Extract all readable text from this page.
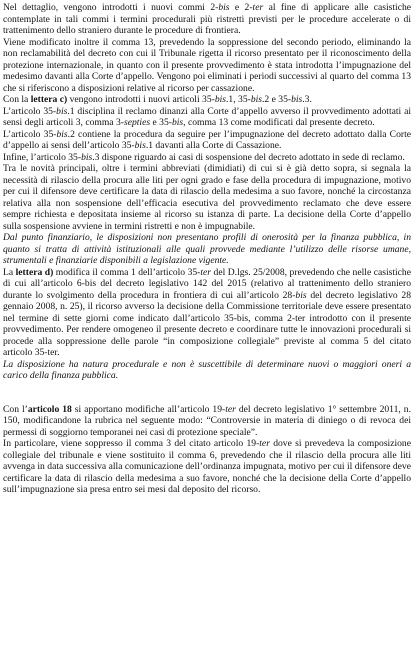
Nel dettaglio, vengono introdotti i nuovi commi 2-bis e 2-ter al fine di applicare alle casistiche contemplate in tali commi i termini procedurali più ristretti previsti per le procedure accelerate o di trattenimento dello straniero durante le procedure di frontiera.

Viene modificato inoltre il comma 13, prevedendo la soppressione del secondo periodo, eliminando la non reclamabilità del decreto con cui il Tribunale rigetta il ricorso presentato per il riconoscimento della protezione internazionale, in quanto con il presente provvedimento è stata introdotta l’impugnazione del medesimo davanti alla Corte d’appello. Vengono poi eliminati i periodi successivi al quarto del comma 13 che si riferiscono a disposizioni relative al ricorso per cassazione.

Con la lettera c) vengono introdotti i nuovi articoli 35-bis.1, 35-bis.2 e 35-bis.3.

L’articolo 35-bis.1 disciplina il reclamo dinanzi alla Corte d’appello avverso il provvedimento adottati ai sensi degli articoli 3, comma 3-septies e 35-bis, comma 13 come modificati dal presente decreto.

L’articolo 35-bis.2 contiene la procedura da seguire per l’impugnazione del decreto adottato dalla Corte d’appello ai sensi dell’articolo 35-bis.1 davanti alla Corte di Cassazione.

Infine, l’articolo 35-bis.3 dispone riguardo ai casi di sospensione del decreto adottato in sede di reclamo.

Tra le novità principali, oltre i termini abbreviati (dimidiati) di cui si è già detto sopra, si segnala la necessità di rilascio della procura alle liti per ogni grado e fase della procedura di impugnazione, motivo per cui il difensore deve certificare la data di rilascio della medesima a suo favore, nonché la circostanza relativa alla non sospensione dell’efficacia esecutiva del provvedimento reclamato che deve essere sempre richiesta e depositata insieme al ricorso su istanza di parte. La decisione della Corte d’appello sulla sospensione avviene in termini ristretti e non è impugnabile.

Dal punto finanziario, le disposizioni non presentano profili di onerosità per la finanza pubblica, in quanto si tratta di attività istituzionali alle quali provvede mediante l’utilizzo delle risorse umane, strumentali e finanziarie disponibili a legislazione vigente.

La lettera d) modifica il comma 1 dell’articolo 35-ter del D.lgs. 25/2008, prevedendo che nelle casistiche di cui all’articolo 6-bis del decreto legislativo 142 del 2015 (relativo al trattenimento dello straniero durante lo svolgimento della procedura in frontiera di cui all’articolo 28-bis del decreto legislativo 28 gennaio 2008, n. 25), il ricorso avverso la decisione della Commissione territoriale deve essere presentato nel termine di sette giorni come indicato dall’articolo 35-bis, comma 2-ter introdotto con il presente provvedimento. Per rendere omogeneo il presente decreto e coordinare tutte le innovazioni procedurali si procede alla soppressione delle parole “in composizione collegiale” previste al comma 5 del citato articolo 35-ter.

La disposizione ha natura procedurale e non è suscettibile di determinare nuovi o maggiori oneri a carico della finanza pubblica.

Con l’articolo 18 si apportano modifiche all’articolo 19-ter del decreto legislativo 1° settembre 2011, n. 150, modificandone la rubrica nel seguente modo: “Controversie in materia di diniego o di revoca dei permessi di soggiorno temporanei nei casi di protezione speciale”.

In particolare, viene soppresso il comma 3 del citato articolo 19-ter dove si prevedeva la composizione collegiale del tribunale e viene sostituito il comma 6, prevedendo che il rilascio della procura alle liti avvenga in data successiva alla comunicazione dell’ordinanza impugnata, motivo per cui il difensore deve certificare la data di rilascio della medesima a suo favore, nonché che la decisione della Corte d’appello sull’impugnazione sia presa entro sei mesi dal deposito del ricorso.
